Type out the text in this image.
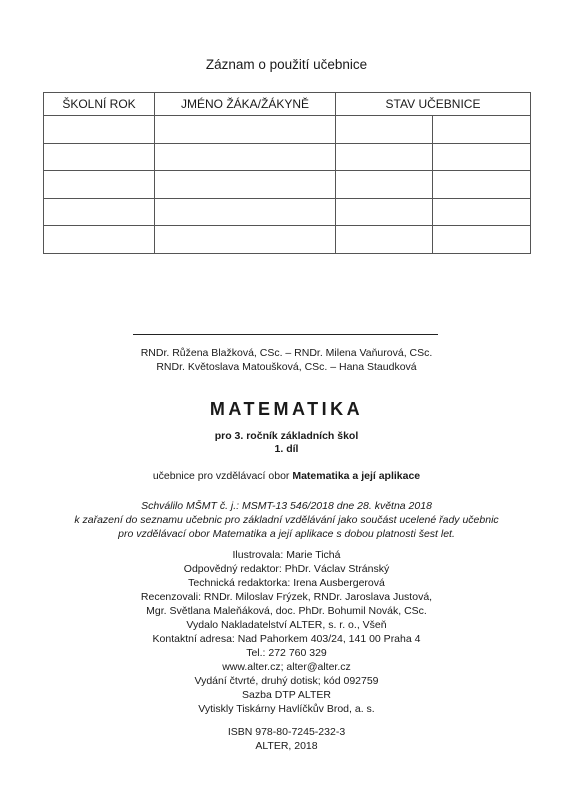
Záznam o použití učebnice
ŠKOLNÍ ROK	JMÉNO ŽÁKA/ŽÁKYNĚ	STAV UČEBNICE	

RNDr. Růžena Blažková, CSc. – RNDr. Milena Vaňurová, CSc.
RNDr. Květoslava Matoušková, CSc. – Hana Staudková
MATEMATIKA
pro 3. ročník základních škol
1. díl
učebnice pro vzdělávací obor Matematika a její aplikace
Schválilo MŠMT č. j.: MSMT-13 546/2018 dne 28. května 2018
k zařazení do seznamu učebnic pro základní vzdělávání jako součást ucelené řady učebnic
pro vzdělávací obor Matematika a její aplikace s dobou platnosti šest let.
Ilustrovala: Marie Tichá
Odpovědný redaktor: PhDr. Václav Stránský
Technická redaktorka: Irena Ausbergerová
Recenzovali: RNDr. Miloslav Frýzek, RNDr. Jaroslava Justová,
Mgr. Světlana Maleňáková, doc. PhDr. Bohumil Novák, CSc.
Vydalo Nakladatelství ALTER, s. r. o., Všeň
Kontaktní adresa: Nad Pahorkem 403/24, 141 00 Praha 4
Tel.: 272 760 329
www.alter.cz; alter@alter.cz
Vydání čtvrté, druhý dotisk; kód 092759
Sazba DTP ALTER
Vytiskly Tiskárny Havlíčkův Brod, a. s.
ISBN 978-80-7245-232-3
ALTER, 2018
